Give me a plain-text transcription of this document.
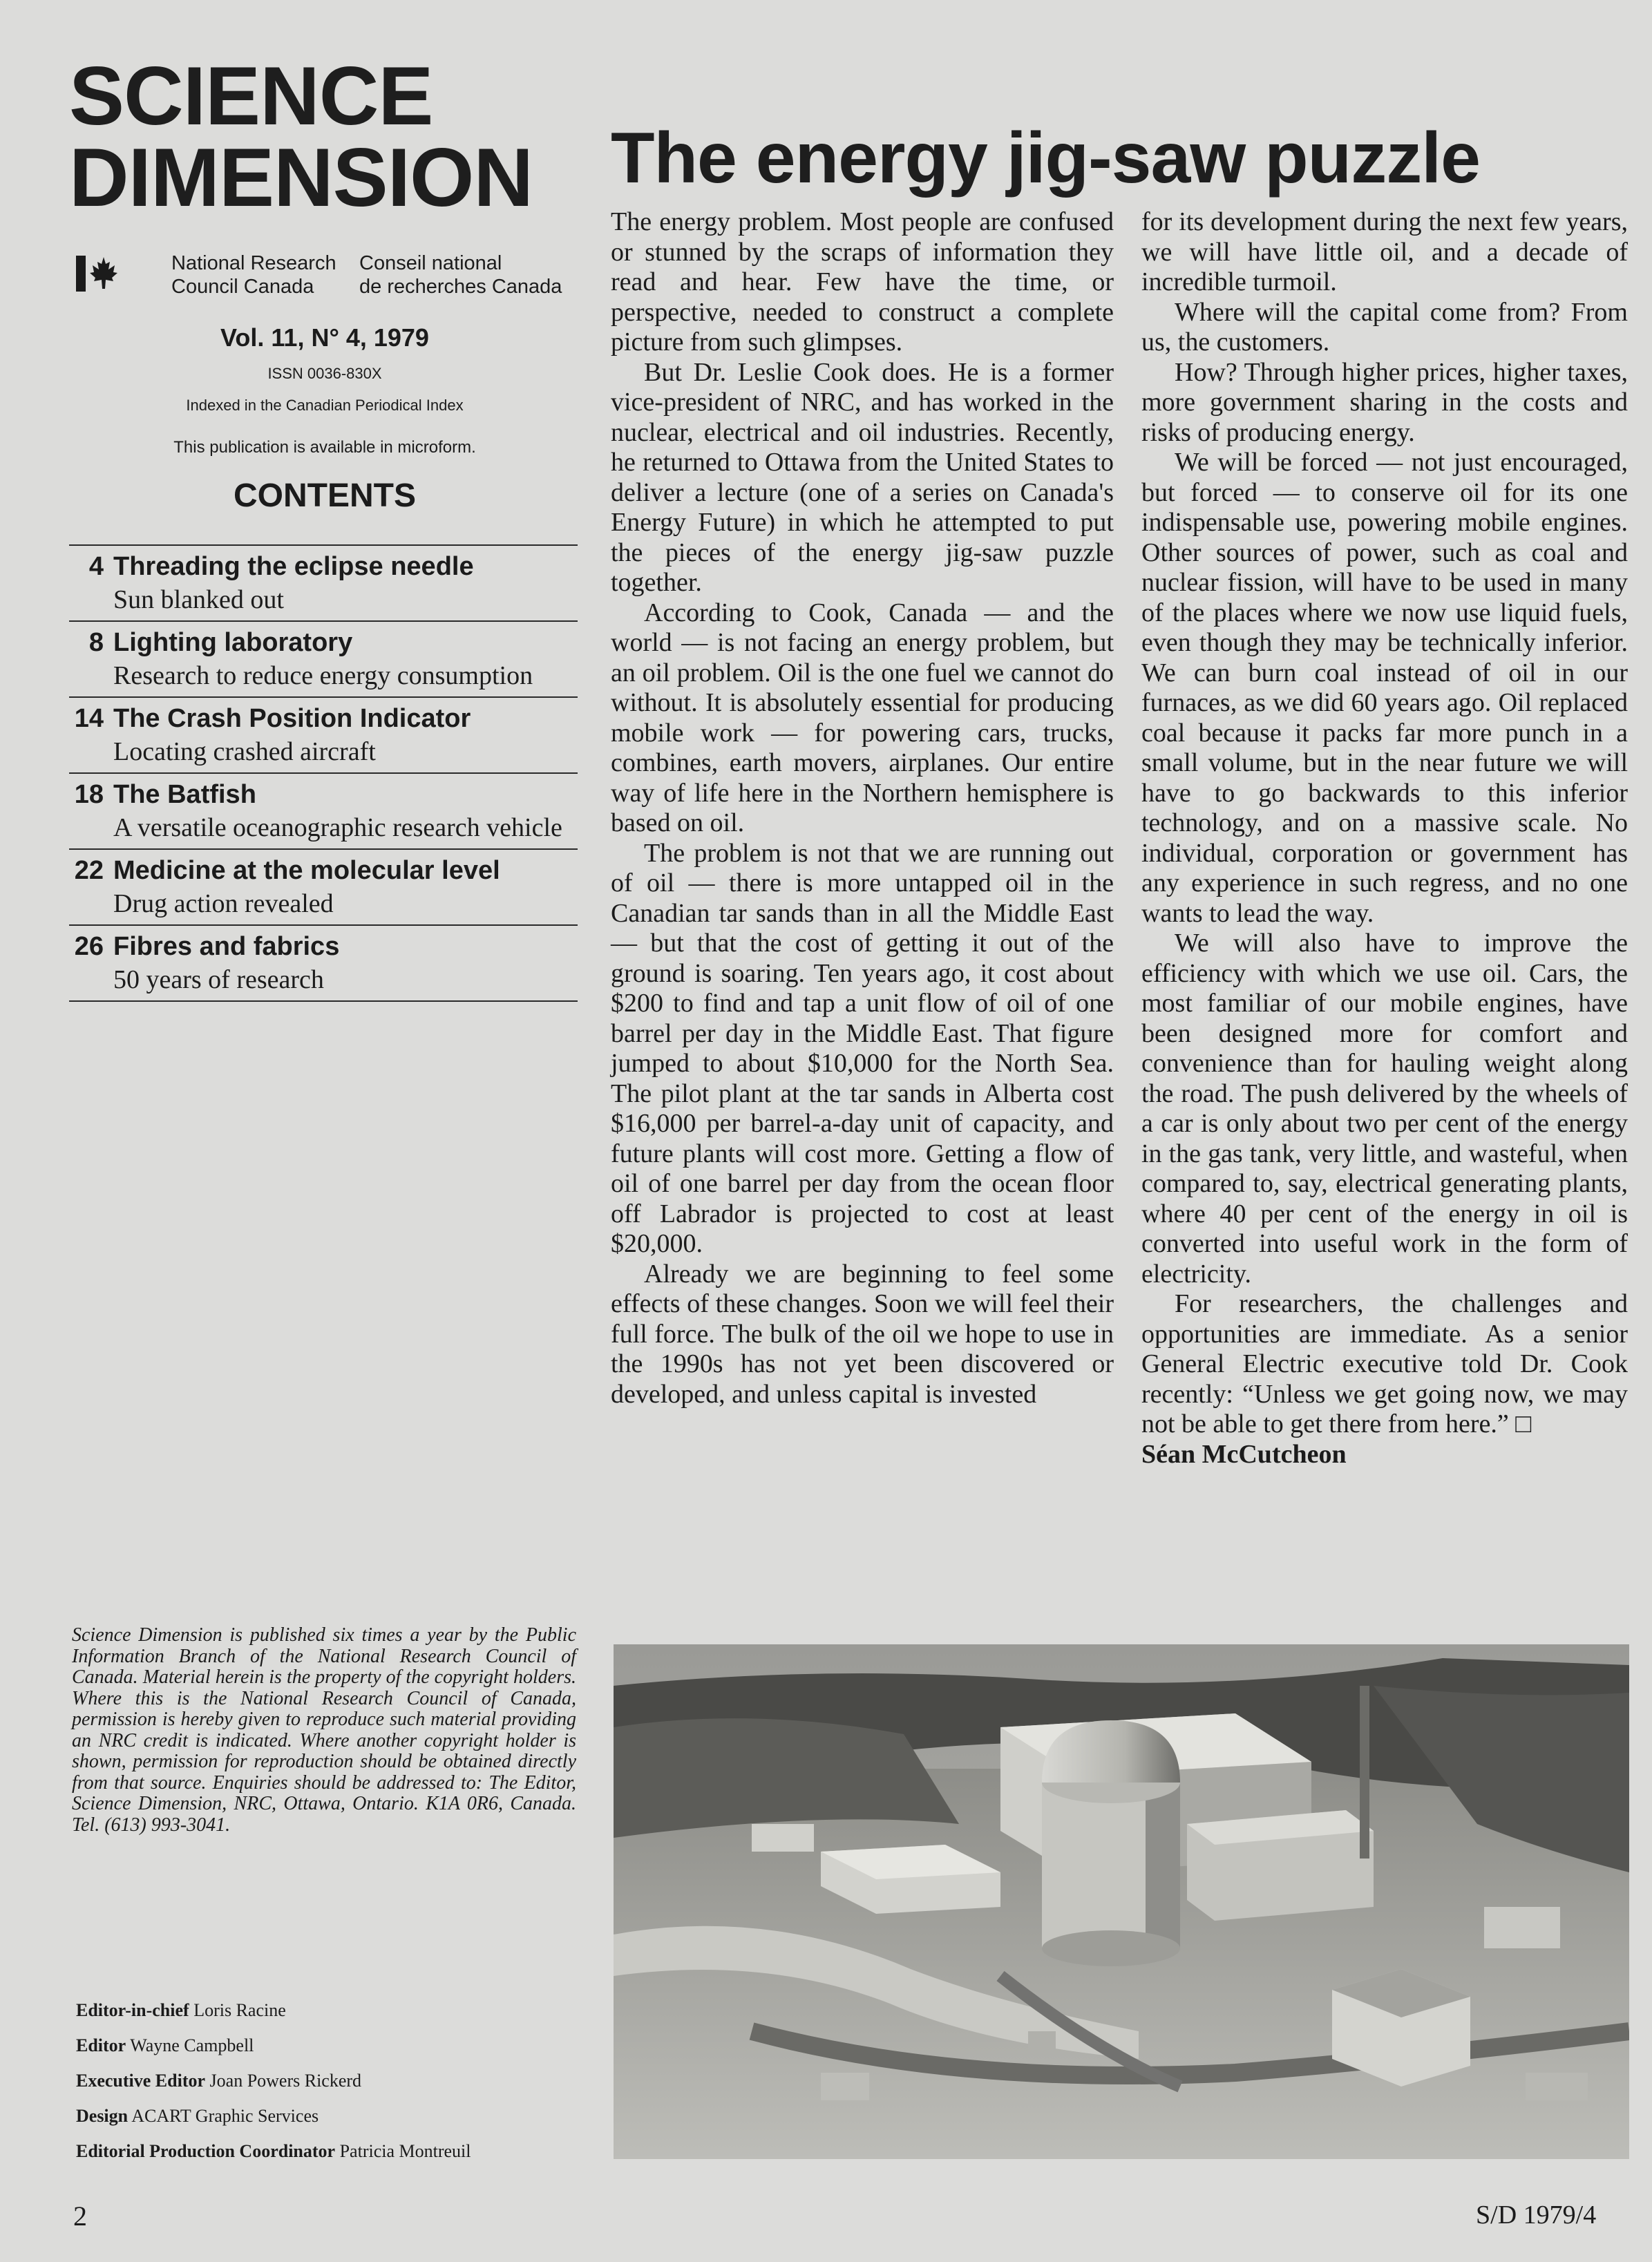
SCIENCE
DIMENSION
National Research
Council Canada
Conseil national
de recherches Canada
Vol. 11, N° 4, 1979
ISSN 0036-830X
Indexed in the Canadian Periodical Index
This publication is available in microform.
CONTENTS
4 Threading the eclipse needle
Sun blanked out
8 Lighting laboratory
Research to reduce energy consumption
14 The Crash Position Indicator
Locating crashed aircraft
18 The Batfish
A versatile oceanographic research vehicle
22 Medicine at the molecular level
Drug action revealed
26 Fibres and fabrics
50 years of research
Science Dimension is published six times a year by the Public Information Branch of the National Research Council of Canada. Material herein is the property of the copyright holders. Where this is the National Research Council of Canada, permission is hereby given to reproduce such material providing an NRC credit is indicated. Where another copyright holder is shown, permission for reproduction should be obtained directly from that source. Enquiries should be addressed to: The Editor, Science Dimension, NRC, Ottawa, Ontario. K1A 0R6, Canada. Tel. (613) 993-3041.
Editor-in-chief Loris Racine
Editor Wayne Campbell
Executive Editor Joan Powers Rickerd
Design ACART Graphic Services
Editorial Production Coordinator Patricia Montreuil
2	S/D 1979/4
The energy jig-saw puzzle

The energy problem. Most people are confused or stunned by the scraps of information they read and hear. Few have the time, or perspective, needed to construct a complete picture from such glimpses.

But Dr. Leslie Cook does. He is a former vice-president of NRC, and has worked in the nuclear, electrical and oil industries. Recently, he returned to Ottawa from the United States to deliver a lecture (one of a series on Canada's Energy Future) in which he attempted to put the pieces of the energy jig-saw puzzle together.

According to Cook, Canada — and the world — is not facing an energy problem, but an oil problem. Oil is the one fuel we cannot do without. It is absolutely essential for producing mobile work — for powering cars, trucks, combines, earth movers, airplanes. Our entire way of life here in the Northern hemisphere is based on oil.

The problem is not that we are running out of oil — there is more untapped oil in the Canadian tar sands than in all the Middle East — but that the cost of getting it out of the ground is soaring. Ten years ago, it cost about $200 to find and tap a unit flow of oil of one barrel per day in the Middle East. That figure jumped to about $10,000 for the North Sea. The pilot plant at the tar sands in Alberta cost $16,000 per barrel-a-day unit of capacity, and future plants will cost more. Getting a flow of oil of one barrel per day from the ocean floor off Labrador is projected to cost at least $20,000.

Already we are beginning to feel some effects of these changes. Soon we will feel their full force. The bulk of the oil we hope to use in the 1990s has not yet been discovered or developed, and unless capital is invested

for its development during the next few years, we will have little oil, and a decade of incredible turmoil.

Where will the capital come from? From us, the customers.

How? Through higher prices, higher taxes, more government sharing in the costs and risks of producing energy.

We will be forced — not just encouraged, but forced — to conserve oil for its one indispensable use, powering mobile engines. Other sources of power, such as coal and nuclear fission, will have to be used in many of the places where we now use liquid fuels, even though they may be technically inferior. We can burn coal instead of oil in our furnaces, as we did 60 years ago. Oil replaced coal because it packs far more punch in a small volume, but in the near future we will have to go backwards to this inferior technology, and on a massive scale. No individual, corporation or government has any experience in such regress, and no one wants to lead the way.

We will also have to improve the efficiency with which we use oil. Cars, the most familiar of our mobile engines, have been designed more for comfort and convenience than for hauling weight along the road. The push delivered by the wheels of a car is only about two per cent of the energy in the gas tank, very little, and wasteful, when compared to, say, electrical generating plants, where 40 per cent of the energy in oil is converted into useful work in the form of electricity.

For researchers, the challenges and opportunities are immediate. As a senior General Electric executive told Dr. Cook recently: “Unless we get going now, we may not be able to get there from here.” □

Séan McCutcheon
